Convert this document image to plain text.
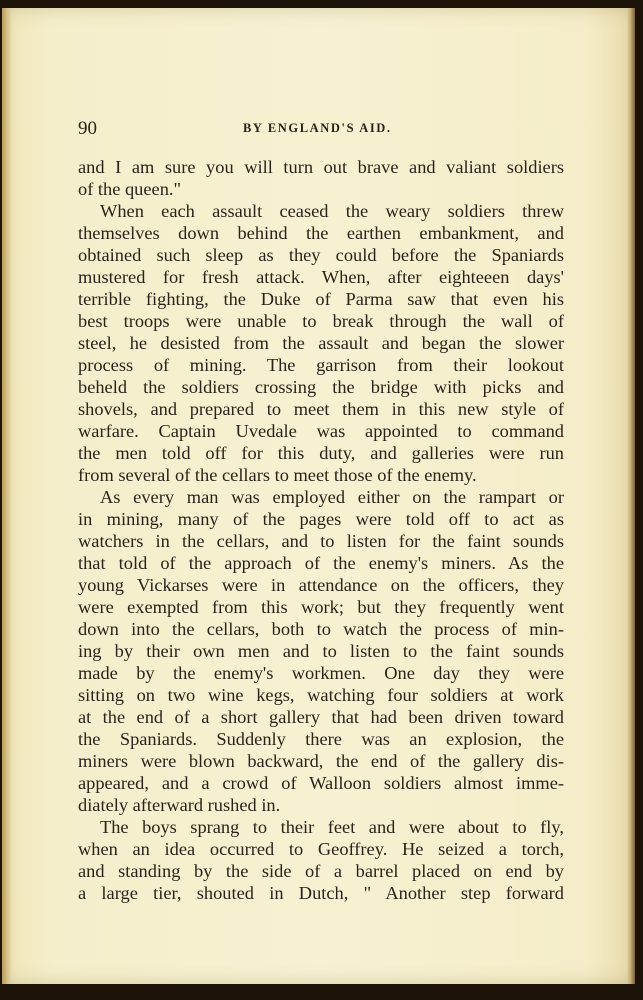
90	BY ENGLAND'S AID.
and I am sure you will turn out brave and valiant soldiers
of the queen."
When each assault ceased the weary soldiers threw
themselves down behind the earthen embankment, and
obtained such sleep as they could before the Spaniards
mustered for fresh attack. When, after eighteeen days'
terrible fighting, the Duke of Parma saw that even his
best troops were unable to break through the wall of
steel, he desisted from the assault and began the slower
process of mining. The garrison from their lookout
beheld the soldiers crossing the bridge with picks and
shovels, and prepared to meet them in this new style of
warfare. Captain Uvedale was appointed to command
the men told off for this duty, and galleries were run
from several of the cellars to meet those of the enemy.
As every man was employed either on the rampart or
in mining, many of the pages were told off to act as
watchers in the cellars, and to listen for the faint sounds
that told of the approach of the enemy's miners. As the
young Vickarses were in attendance on the officers, they
were exempted from this work; but they frequently went
down into the cellars, both to watch the process of min-
ing by their own men and to listen to the faint sounds
made by the enemy's workmen. One day they were
sitting on two wine kegs, watching four soldiers at work
at the end of a short gallery that had been driven toward
the Spaniards. Suddenly there was an explosion, the
miners were blown backward, the end of the gallery dis-
appeared, and a crowd of Walloon soldiers almost imme-
diately afterward rushed in.
The boys sprang to their feet and were about to fly,
when an idea occurred to Geoffrey. He seized a torch,
and standing by the side of a barrel placed on end by
a large tier, shouted in Dutch, " Another step forward
